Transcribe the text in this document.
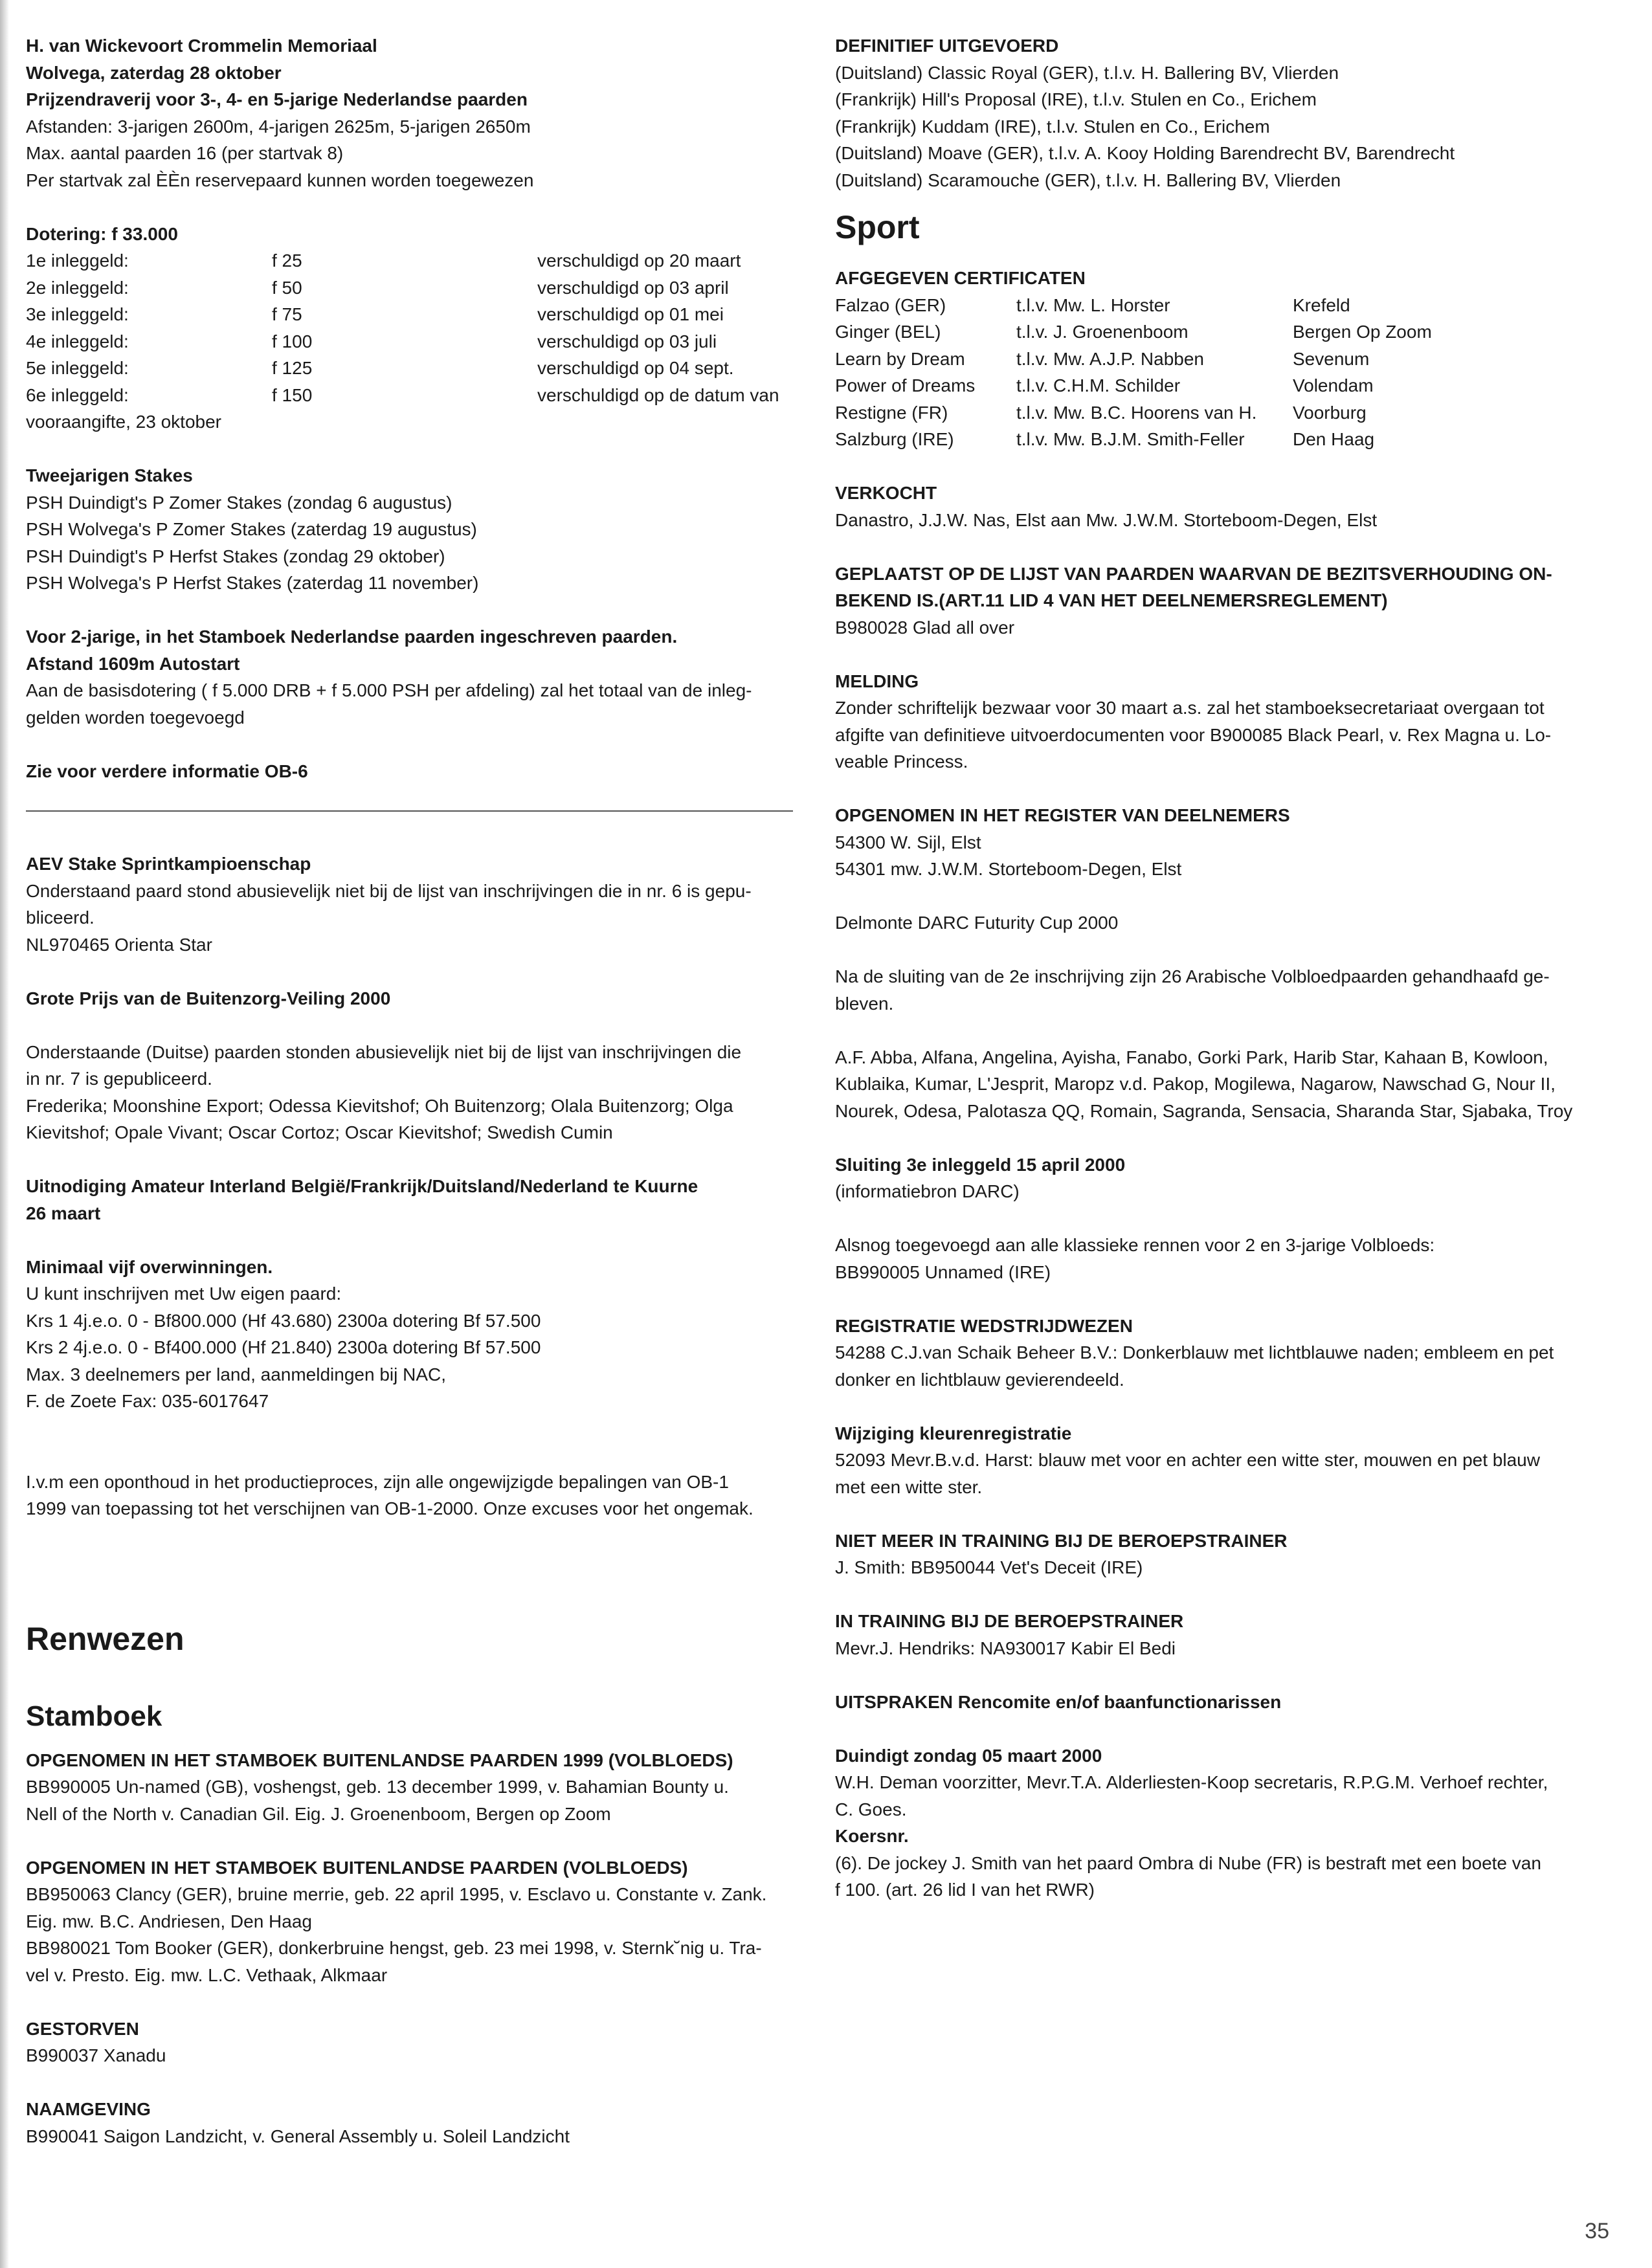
H. van Wickevoort Crommelin Memoriaal

Wolvega, zaterdag 28 oktober

Prijzendraverij voor 3-, 4- en 5-jarige Nederlandse paarden

Afstanden: 3-jarigen 2600m, 4-jarigen 2625m, 5-jarigen 2650m

Max. aantal paarden 16 (per startvak 8)

Per startvak zal ÈÈn reservepaard kunnen worden toegewezen

Dotering: f 33.000

1e inleggeld:	f 25	verschuldigd op 20 maart
2e inleggeld:	f 50	verschuldigd op 03 april
3e inleggeld:	f 75	verschuldigd op 01 mei
4e inleggeld:	f 100	verschuldigd op 03 juli
5e inleggeld:	f 125	verschuldigd op 04 sept.
6e inleggeld:	f 150	verschuldigd op de datum van

vooraangifte, 23 oktober

Tweejarigen Stakes

PSH Duindigt's P Zomer Stakes (zondag 6 augustus)

PSH Wolvega's P Zomer Stakes (zaterdag 19 augustus)

PSH Duindigt's P Herfst Stakes (zondag 29 oktober)

PSH Wolvega's P Herfst Stakes (zaterdag 11 november)

Voor 2-jarige, in het Stamboek Nederlandse paarden ingeschreven paarden.

Afstand 1609m Autostart

Aan de basisdotering ( f 5.000 DRB + f 5.000 PSH per afdeling) zal het totaal van de inleg-

gelden worden toegevoegd

Zie voor verdere informatie OB-6

AEV Stake Sprintkampioenschap

Onderstaand paard stond abusievelijk niet bij de lijst van inschrijvingen die in nr. 6 is gepu-

bliceerd.

NL970465 Orienta Star

Grote Prijs van de Buitenzorg-Veiling 2000

Onderstaande (Duitse) paarden stonden abusievelijk niet bij de lijst van inschrijvingen die

in nr. 7 is gepubliceerd.

Frederika; Moonshine Export; Odessa Kievitshof; Oh Buitenzorg; Olala Buitenzorg; Olga

Kievitshof; Opale Vivant; Oscar Cortoz; Oscar Kievitshof; Swedish Cumin

Uitnodiging Amateur Interland België/Frankrijk/Duitsland/Nederland te Kuurne

26 maart

Minimaal vijf overwinningen.

U kunt inschrijven met Uw eigen paard:

Krs 1 4j.e.o. 0 - Bf800.000 (Hf 43.680) 2300a dotering Bf 57.500

Krs 2 4j.e.o. 0 - Bf400.000 (Hf 21.840) 2300a dotering Bf 57.500

Max. 3 deelnemers per land, aanmeldingen bij NAC,

F. de Zoete Fax: 035-6017647

I.v.m een oponthoud in het productieproces, zijn alle ongewijzigde bepalingen van OB-1

1999 van toepassing tot het verschijnen van OB-1-2000. Onze excuses voor het ongemak.

Renwezen
Stamboek

OPGENOMEN IN HET STAMBOEK BUITENLANDSE PAARDEN 1999 (VOLBLOEDS)

BB990005 Un-named (GB), voshengst, geb. 13 december 1999, v. Bahamian Bounty u.

Nell of the North v. Canadian Gil. Eig. J. Groenenboom, Bergen op Zoom

OPGENOMEN IN HET STAMBOEK BUITENLANDSE PAARDEN (VOLBLOEDS)

BB950063 Clancy (GER), bruine merrie, geb. 22 april 1995, v. Esclavo u. Constante v. Zank.

Eig. mw. B.C. Andriesen, Den Haag

BB980021 Tom Booker (GER), donkerbruine hengst, geb. 23 mei 1998, v. Sternk˘nig u. Tra-

vel v. Presto. Eig. mw. L.C. Vethaak, Alkmaar

GESTORVEN

B990037 Xanadu

NAAMGEVING

B990041 Saigon Landzicht, v. General Assembly u. Soleil Landzicht

DEFINITIEF UITGEVOERD

(Duitsland) Classic Royal (GER), t.l.v. H. Ballering BV, Vlierden

(Frankrijk) Hill's Proposal (IRE), t.l.v. Stulen en Co., Erichem

(Frankrijk) Kuddam (IRE), t.l.v. Stulen en Co., Erichem

(Duitsland) Moave (GER), t.l.v. A. Kooy Holding Barendrecht BV, Barendrecht

(Duitsland) Scaramouche (GER), t.l.v. H. Ballering BV, Vlierden

Sport

AFGEGEVEN CERTIFICATEN

Falzao (GER)	t.l.v. Mw. L. Horster	Krefeld
Ginger (BEL)	t.l.v. J. Groenenboom	Bergen Op Zoom
Learn by Dream	t.l.v. Mw. A.J.P. Nabben	Sevenum
Power of Dreams	t.l.v. C.H.M. Schilder	Volendam
Restigne (FR)	t.l.v. Mw. B.C. Hoorens van H.	Voorburg
Salzburg (IRE)	t.l.v. Mw. B.J.M. Smith-Feller	Den Haag

VERKOCHT

Danastro, J.J.W. Nas, Elst aan Mw. J.W.M. Storteboom-Degen, Elst

GEPLAATST OP DE LIJST VAN PAARDEN WAARVAN DE BEZITSVERHOUDING ON-

BEKEND IS.(ART.11 LID 4 VAN HET DEELNEMERSREGLEMENT)

B980028 Glad all over

MELDING

Zonder schriftelijk bezwaar voor 30 maart a.s. zal het stamboeksecretariaat overgaan tot

afgifte van definitieve uitvoerdocumenten voor B900085 Black Pearl, v. Rex Magna u. Lo-

veable Princess.

OPGENOMEN IN HET REGISTER VAN DEELNEMERS

54300 W. Sijl, Elst

54301 mw. J.W.M. Storteboom-Degen, Elst

Delmonte DARC Futurity Cup 2000

Na de sluiting van de 2e inschrijving zijn 26 Arabische Volbloedpaarden gehandhaafd ge-

bleven.

A.F. Abba, Alfana, Angelina, Ayisha, Fanabo, Gorki Park, Harib Star, Kahaan B, Kowloon,

Kublaika, Kumar, L'Jesprit, Maropz v.d. Pakop, Mogilewa, Nagarow, Nawschad G, Nour II,

Nourek, Odesa, Palotasza QQ, Romain, Sagranda, Sensacia, Sharanda Star, Sjabaka, Troy

Sluiting 3e inleggeld 15 april 2000

(informatiebron DARC)

Alsnog toegevoegd aan alle klassieke rennen voor 2 en 3-jarige Volbloeds:

BB990005 Unnamed (IRE)

REGISTRATIE WEDSTRIJDWEZEN

54288 C.J.van Schaik Beheer B.V.: Donkerblauw met lichtblauwe naden; embleem en pet

donker en lichtblauw gevierendeeld.

Wijziging kleurenregistratie

52093 Mevr.B.v.d. Harst: blauw met voor en achter een witte ster, mouwen en pet blauw

met een witte ster.

NIET MEER IN TRAINING BIJ DE BEROEPSTRAINER

J. Smith: BB950044 Vet's Deceit (IRE)

IN TRAINING BIJ DE BEROEPSTRAINER

Mevr.J. Hendriks: NA930017 Kabir El Bedi

UITSPRAKEN Rencomite en/of baanfunctionarissen

Duindigt zondag 05 maart 2000

W.H. Deman voorzitter, Mevr.T.A. Alderliesten-Koop secretaris, R.P.G.M. Verhoef rechter,

C. Goes.

Koersnr.

(6). De jockey J. Smith van het paard Ombra di Nube (FR) is bestraft met een boete van

f 100. (art. 26 lid I van het RWR)

35
